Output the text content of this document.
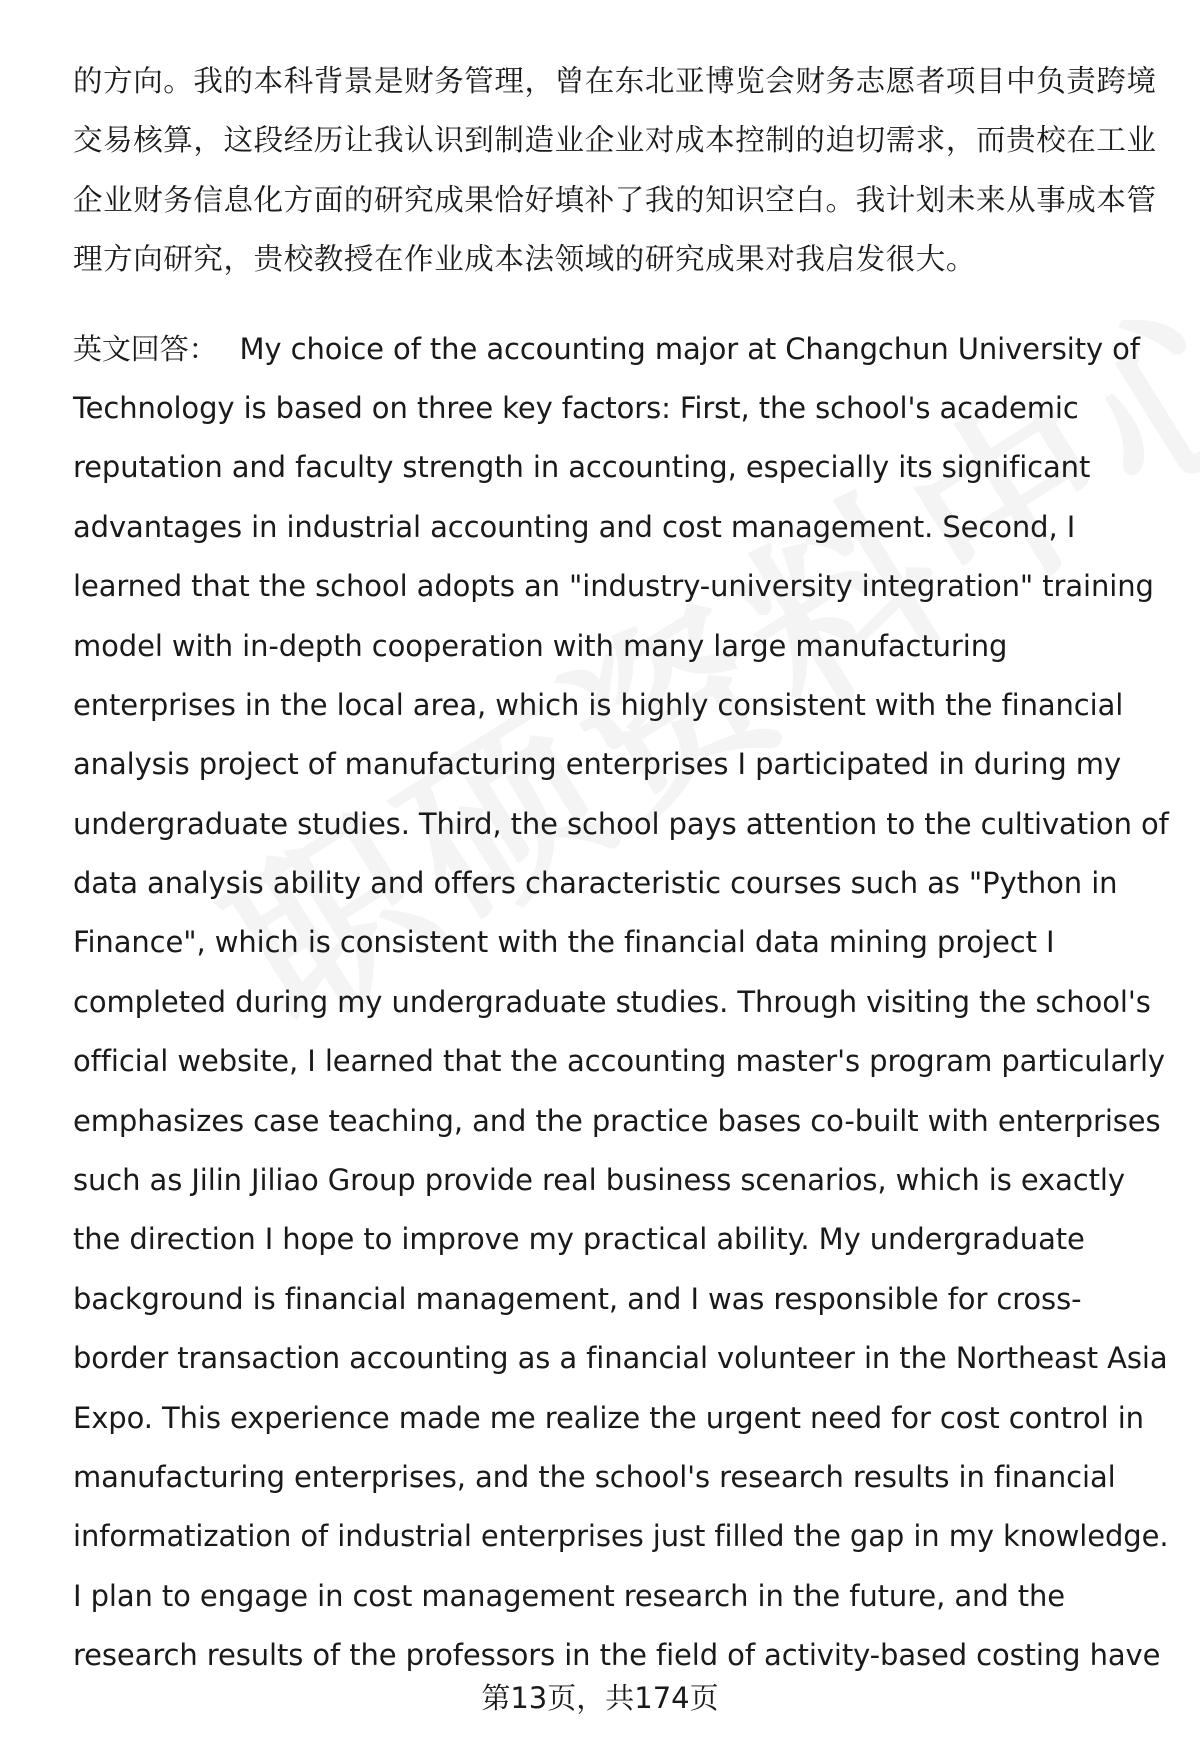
的方向。我的本科背景是财务管理，曾在东北亚博览会财务志愿者项目中负责跨境
交易核算，这段经历让我认识到制造业企业对成本控制的迫切需求，而贵校在工业
企业财务信息化方面的研究成果恰好填补了我的知识空白。我计划未来从事成本管
理方向研究，贵校教授在作业成本法领域的研究成果对我启发很大。
英文回答： My choice of the accounting major at Changchun University of
Technology is based on three key factors: First, the school's academic
reputation and faculty strength in accounting, especially its significant
advantages in industrial accounting and cost management. Second, I
learned that the school adopts an "industry-university integration" training
model with in-depth cooperation with many large manufacturing
enterprises in the local area, which is highly consistent with the financial
analysis project of manufacturing enterprises I participated in during my
undergraduate studies. Third, the school pays attention to the cultivation of
data analysis ability and offers characteristic courses such as "Python in
Finance", which is consistent with the financial data mining project I
completed during my undergraduate studies. Through visiting the school's
official website, I learned that the accounting master's program particularly
emphasizes case teaching, and the practice bases co-built with enterprises
such as Jilin Jiliao Group provide real business scenarios, which is exactly
the direction I hope to improve my practical ability. My undergraduate
background is financial management, and I was responsible for cross-
border transaction accounting as a financial volunteer in the Northeast Asia
Expo. This experience made me realize the urgent need for cost control in
manufacturing enterprises, and the school's research results in financial
informatization of industrial enterprises just filled the gap in my knowledge.
I plan to engage in cost management research in the future, and the
research results of the professors in the field of activity-based costing have
第13页，共174页
